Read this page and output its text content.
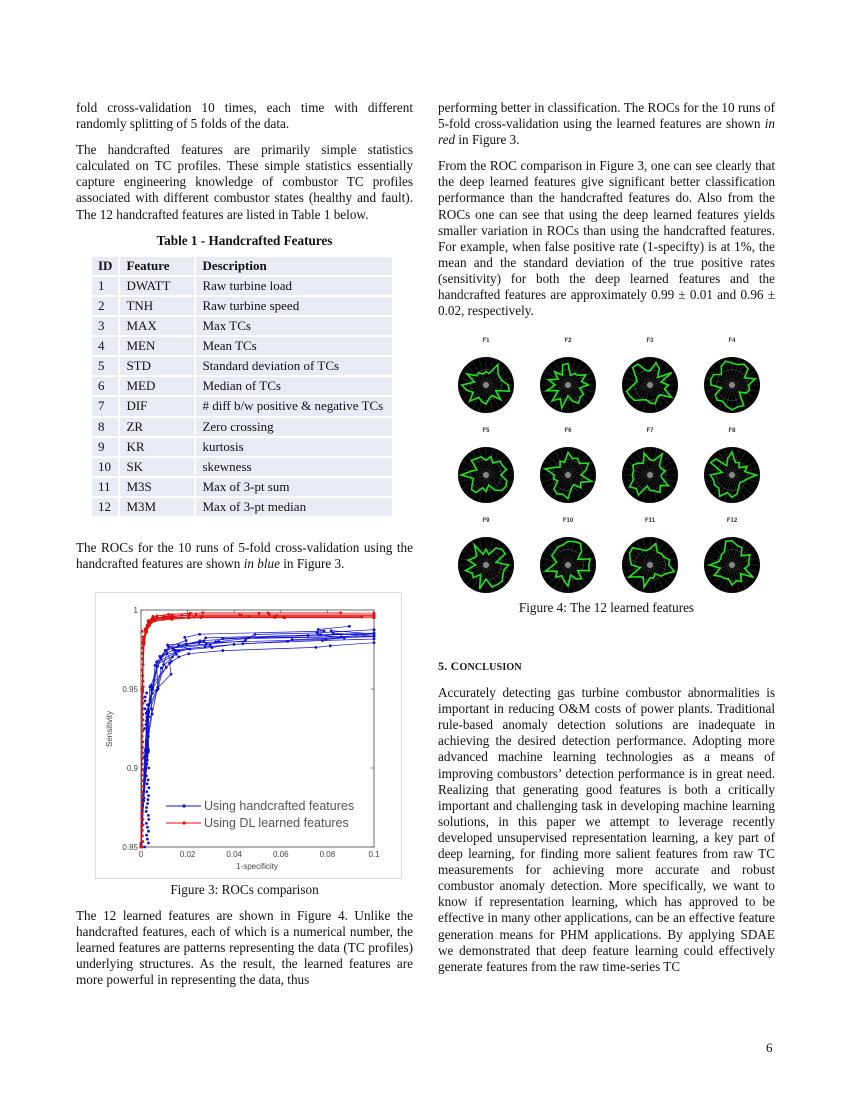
fold cross-validation 10 times, each time with different randomly splitting of 5 folds of the data.

The handcrafted features are primarily simple statistics calculated on TC profiles. These simple statistics essentially capture engineering knowledge of combustor TC profiles associated with different combustor states (healthy and fault). The 12 handcrafted features are listed in Table 1 below.

Table 1 - Handcrafted Features
ID	Feature	Description
1	DWATT	Raw turbine load
2	TNH	Raw turbine speed
3	MAX	Max TCs
4	MEN	Mean TCs
5	STD	Standard deviation of TCs
6	MED	Median of TCs
7	DIF	# diff b/w positive & negative TCs
8	ZR	Zero crossing
9	KR	kurtosis
10	SK	skewness
11	M3S	Max of 3-pt sum
12	M3M	Max of 3-pt median

The ROCs for the 10 runs of 5-fold cross-validation using the handcrafted features are shown in blue in Figure 3.

0	0.02	0.04	0.06	0.08	0.1
0.85
0.9
0.95
1
1-specificity
Sensitivity
Using handcrafted features
Using DL learned features
Figure 3: ROCs comparison

The 12 learned features are shown in Figure 4. Unlike the handcrafted features, each of which is a numerical number, the learned features are patterns representing the data (TC profiles) underlying structures. As the result, the learned features are more powerful in representing the data, thus

performing better in classification. The ROCs for the 10 runs of 5-fold cross-validation using the learned features are shown in red in Figure 3.

From the ROC comparison in Figure 3, one can see clearly that the deep learned features give significant better classification performance than the handcrafted features do. Also from the ROCs one can see that using the deep learned features yields smaller variation in ROCs than using the handcrafted features. For example, when false positive rate (1-specifty) is at 1%, the mean and the standard deviation of the true positive rates (sensitivity) for both the deep learned features and the handcrafted features are approximately 0.99 ± 0.01 and 0.96 ± 0.02, respectively.

F1	F2	F3	F4
F5	F6	F7	F8
F9	F10	F11	F12
Figure 4: The 12 learned features
5. CONCLUSION

Accurately detecting gas turbine combustor abnormalities is important in reducing O&M costs of power plants. Traditional rule-based anomaly detection solutions are inadequate in achieving the desired detection performance. Adopting more advanced machine learning technologies as a means of improving combustors’ detection performance is in great need. Realizing that generating good features is both a critically important and challenging task in developing machine learning solutions, in this paper we attempt to leverage recently developed unsupervised representation learning, a key part of deep learning, for finding more salient features from raw TC measurements for achieving more accurate and robust combustor anomaly detection. More specifically, we want to know if representation learning, which has approved to be effective in many other applications, can be an effective feature generation means for PHM applications. By applying SDAE we demonstrated that deep feature learning could effectively generate features from the raw time-series TC

6
